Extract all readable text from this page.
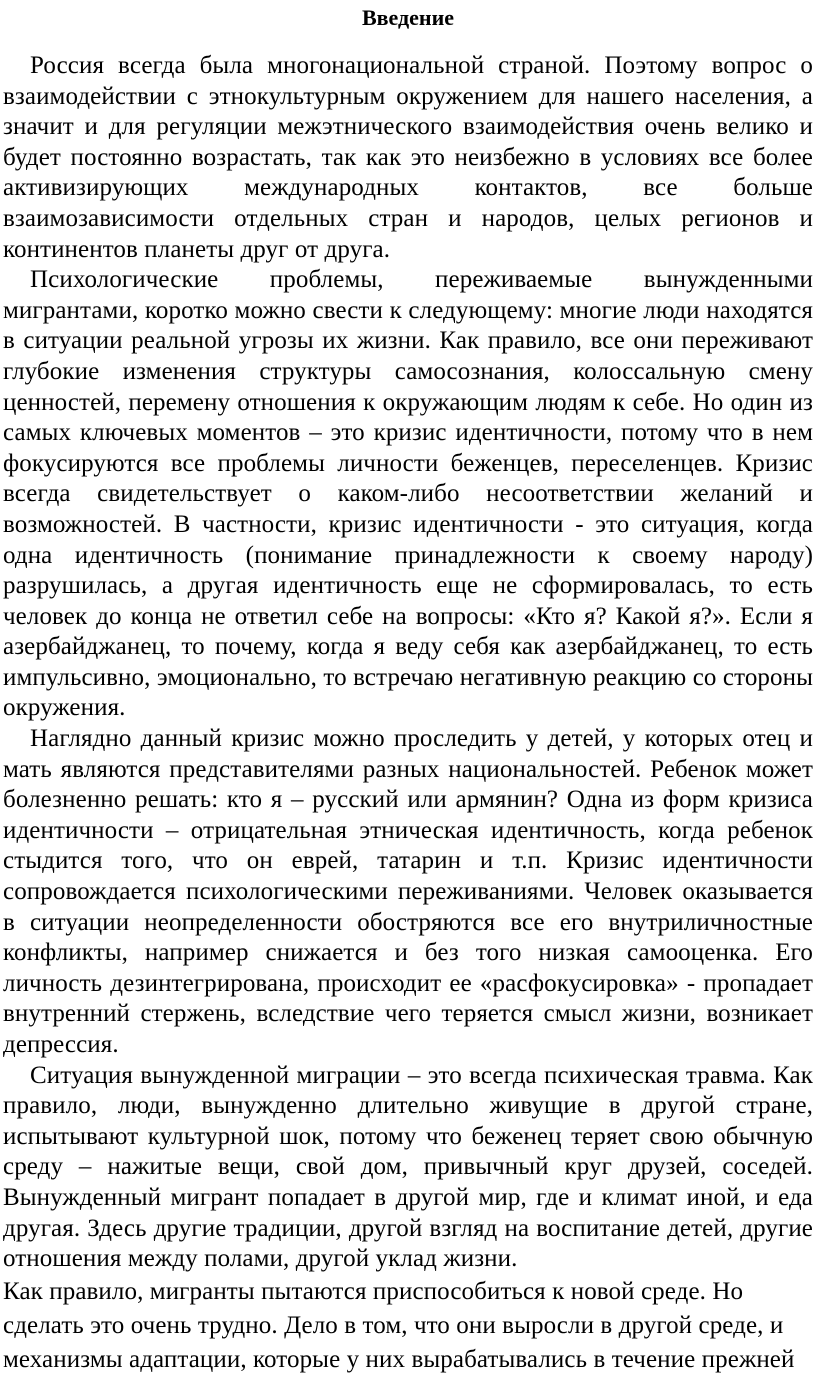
Введение

Россия всегда была многонациональной страной. Поэтому вопрос о взаимодействии с этнокультурным окружением для нашего населения, а значит и для регуляции межэтнического взаимодействия очень велико и будет постоянно возрастать, так как это неизбежно в условиях все более активизирующих международных контактов, все больше взаимозависимости отдельных стран и народов, целых регионов и континентов планеты друг от друга.

Психологические проблемы, переживаемые вынужденными мигрантами, коротко можно свести к следующему: многие люди находятся в ситуации реальной угрозы их жизни. Как правило, все они переживают глубокие изменения структуры самосознания, колоссальную смену ценностей, перемену отношения к окружающим людям к себе. Но один из самых ключевых моментов – это кризис идентичности, потому что в нем фокусируются все проблемы личности беженцев, переселенцев. Кризис всегда свидетельствует о каком-либо несоответствии желаний и возможностей. В частности, кризис идентичности - это ситуация, когда одна идентичность (понимание принадлежности к своему народу) разрушилась, а другая идентичность еще не сформировалась, то есть человек до конца не ответил себе на вопросы: «Кто я? Какой я?». Если я азербайджанец, то почему, когда я веду себя как азербайджанец, то есть импульсивно, эмоционально, то встречаю негативную реакцию со стороны окружения.

Наглядно данный кризис можно проследить у детей, у которых отец и мать являются представителями разных национальностей. Ребенок может болезненно решать: кто я – русский или армянин? Одна из форм кризиса идентичности – отрицательная этническая идентичность, когда ребенок стыдится того, что он еврей, татарин и т.п. Кризис идентичности сопровождается психологическими переживаниями. Человек оказывается в ситуации неопределенности обостряются все его внутриличностные конфликты, например снижается и без того низкая самооценка. Его личность дезинтегрирована, происходит ее «расфокусировка» - пропадает внутренний стержень, вследствие чего теряется смысл жизни, возникает депрессия.

Ситуация вынужденной миграции – это всегда психическая травма. Как правило, люди, вынужденно длительно живущие в другой стране, испытывают культурной шок, потому что беженец теряет свою обычную среду – нажитые вещи, свой дом, привычный круг друзей, соседей. Вынужденный мигрант попадает в другой мир, где и климат иной, и еда другая. Здесь другие традиции, другой взгляд на воспитание детей, другие отношения между полами, другой уклад жизни.

Как правило, мигранты пытаются приспособиться к новой среде. Но сделать это очень трудно. Дело в том, что они выросли в другой среде, и механизмы адаптации, которые у них вырабатывались в течение прежней
